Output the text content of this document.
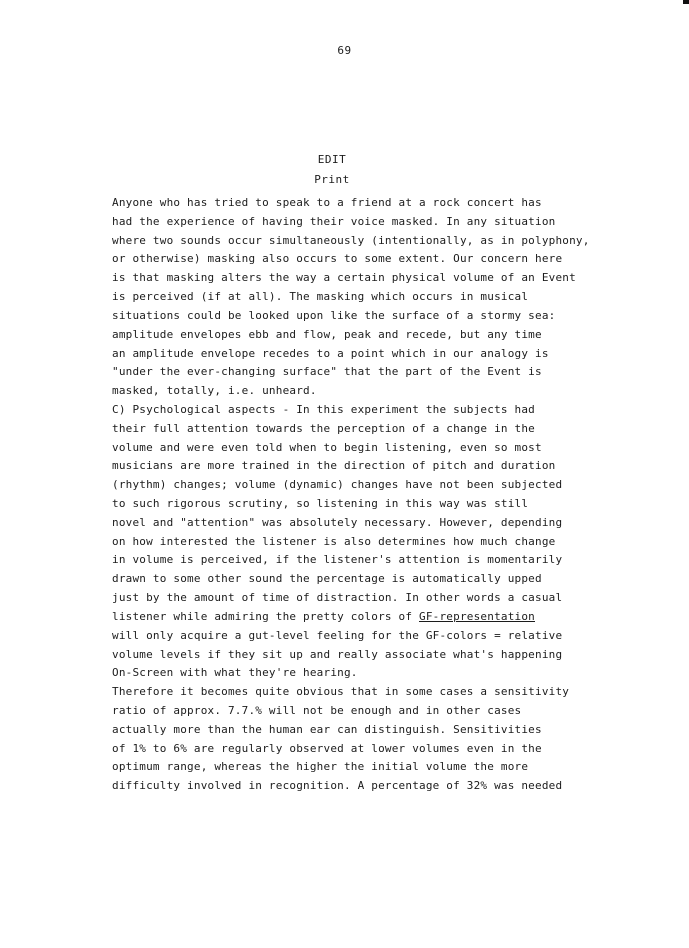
69
EDIT
Print
Anyone who has tried to speak to a friend at a rock concert has
had the experience of having their voice masked. In any situation
where two sounds occur simultaneously (intentionally, as in polyphony,
or otherwise) masking also occurs to some extent. Our concern here
is that masking alters the way a certain physical volume of an Event
is perceived (if at all). The masking which occurs in musical
situations could be looked upon like the surface of a stormy sea:
amplitude envelopes ebb and flow, peak and recede, but any time
an amplitude envelope recedes to a point which in our analogy is
"under the ever-changing surface" that the part of the Event is
masked, totally, i.e. unheard.
C) Psychological aspects - In this experiment the subjects had
their full attention towards the perception of a change in the
volume and were even told when to begin listening, even so most
musicians are more trained in the direction of pitch and duration
(rhythm) changes; volume (dynamic) changes have not been subjected
to such rigorous scrutiny, so listening in this way was still
novel and "attention" was absolutely necessary. However, depending
on how interested the listener is also determines how much change
in volume is perceived, if the listener's attention is momentarily
drawn to some other sound the percentage is automatically upped
just by the amount of time of distraction. In other words a casual
listener while admiring the pretty colors of GF-representation
will only acquire a gut-level feeling for the GF-colors = relative
volume levels if they sit up and really associate what's happening
On-Screen with what they're hearing.
Therefore it becomes quite obvious that in some cases a sensitivity
ratio of approx. 7.7.% will not be enough and in other cases
actually more than the human ear can distinguish. Sensitivities
of 1% to 6% are regularly observed at lower volumes even in the
optimum range, whereas the higher the initial volume the more
difficulty involved in recognition. A percentage of 32% was needed
